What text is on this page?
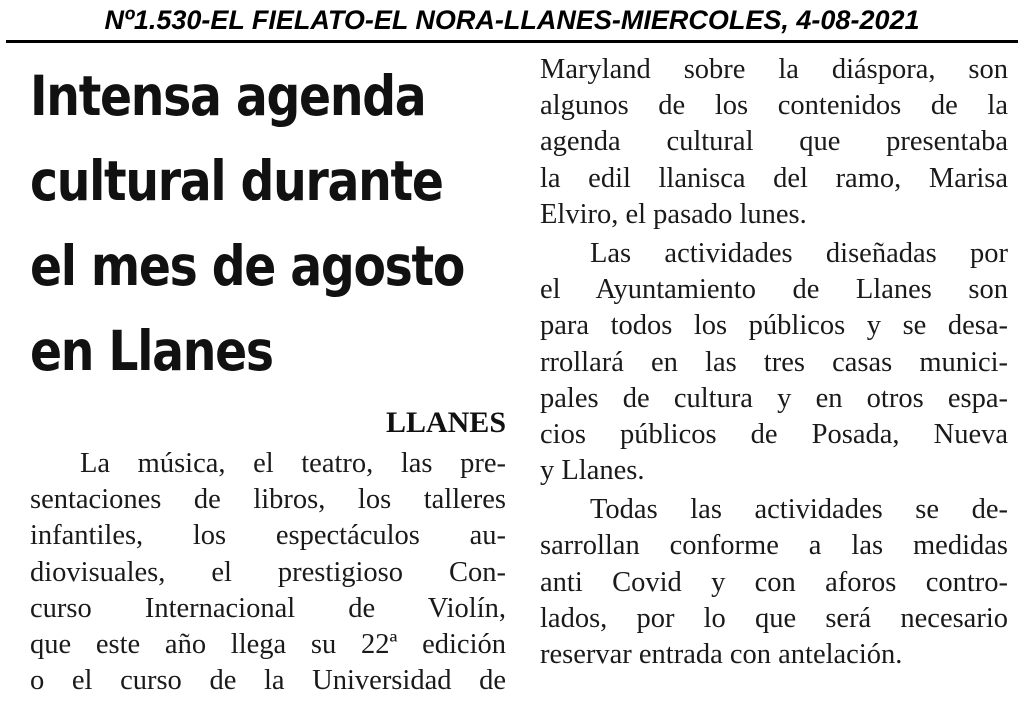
Nº1.530-EL FIELATO-EL NORA-LLANES-MIERCOLES, 4-08-2021
Intensa agenda
cultural durante
el mes de agosto
en Llanes
LLANES
La música, el teatro, las pre-
sentaciones de libros, los talleres
infantiles, los espectáculos au-
diovisuales, el prestigioso Con-
curso Internacional de Violín,
que este año llega su 22ª edición
o el curso de la Universidad de
Maryland sobre la diáspora, son
algunos de los contenidos de la
agenda cultural que presentaba
la edil llanisca del ramo, Marisa
Elviro, el pasado lunes.
Las actividades diseñadas por
el Ayuntamiento de Llanes son
para todos los públicos y se desa-
rrollará en las tres casas munici-
pales de cultura y en otros espa-
cios públicos de Posada, Nueva
y Llanes.
Todas las actividades se de-
sarrollan conforme a las medidas
anti Covid y con aforos contro-
lados, por lo que será necesario
reservar entrada con antelación.
